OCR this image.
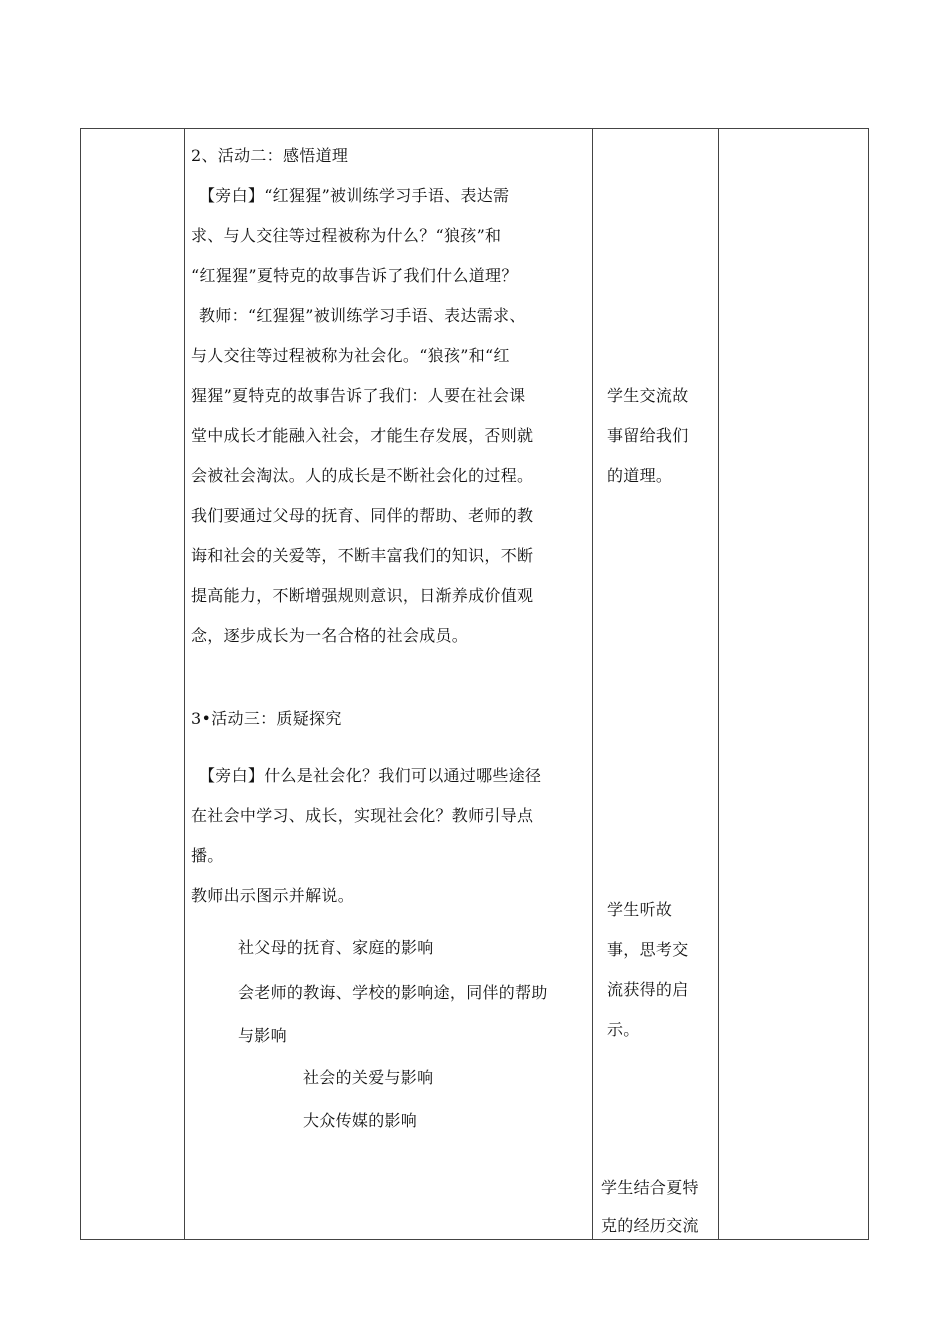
2、活动二：感悟道理
【旁白】“红猩猩”被训练学习手语、表达需
求、与人交往等过程被称为什么？“狼孩”和
“红猩猩”夏特克的故事告诉了我们什么道理？
教师：“红猩猩”被训练学习手语、表达需求、
与人交往等过程被称为社会化。“狼孩”和“红
猩猩”夏特克的故事告诉了我们：人要在社会课
堂中成长才能融入社会，才能生存发展，否则就
会被社会淘汰。人的成长是不断社会化的过程。
我们要通过父母的抚育、同伴的帮助、老师的教
诲和社会的关爱等，不断丰富我们的知识，不断
提高能力，不断增强规则意识，日渐养成价值观
念，逐步成长为一名合格的社会成员。
3•活动三：质疑探究
【旁白】什么是社会化？我们可以通过哪些途径
在社会中学习、成长，实现社会化？教师引导点
播。
教师出示图示并解说。
社父母的抚育、家庭的影响
会老师的教诲、学校的影响途，同伴的帮助
与影响
社会的关爱与影响
大众传媒的影响
学生交流故
事留给我们
的道理。
学生听故
事，思考交
流获得的启
示。
学生结合夏特
克的经历交流
